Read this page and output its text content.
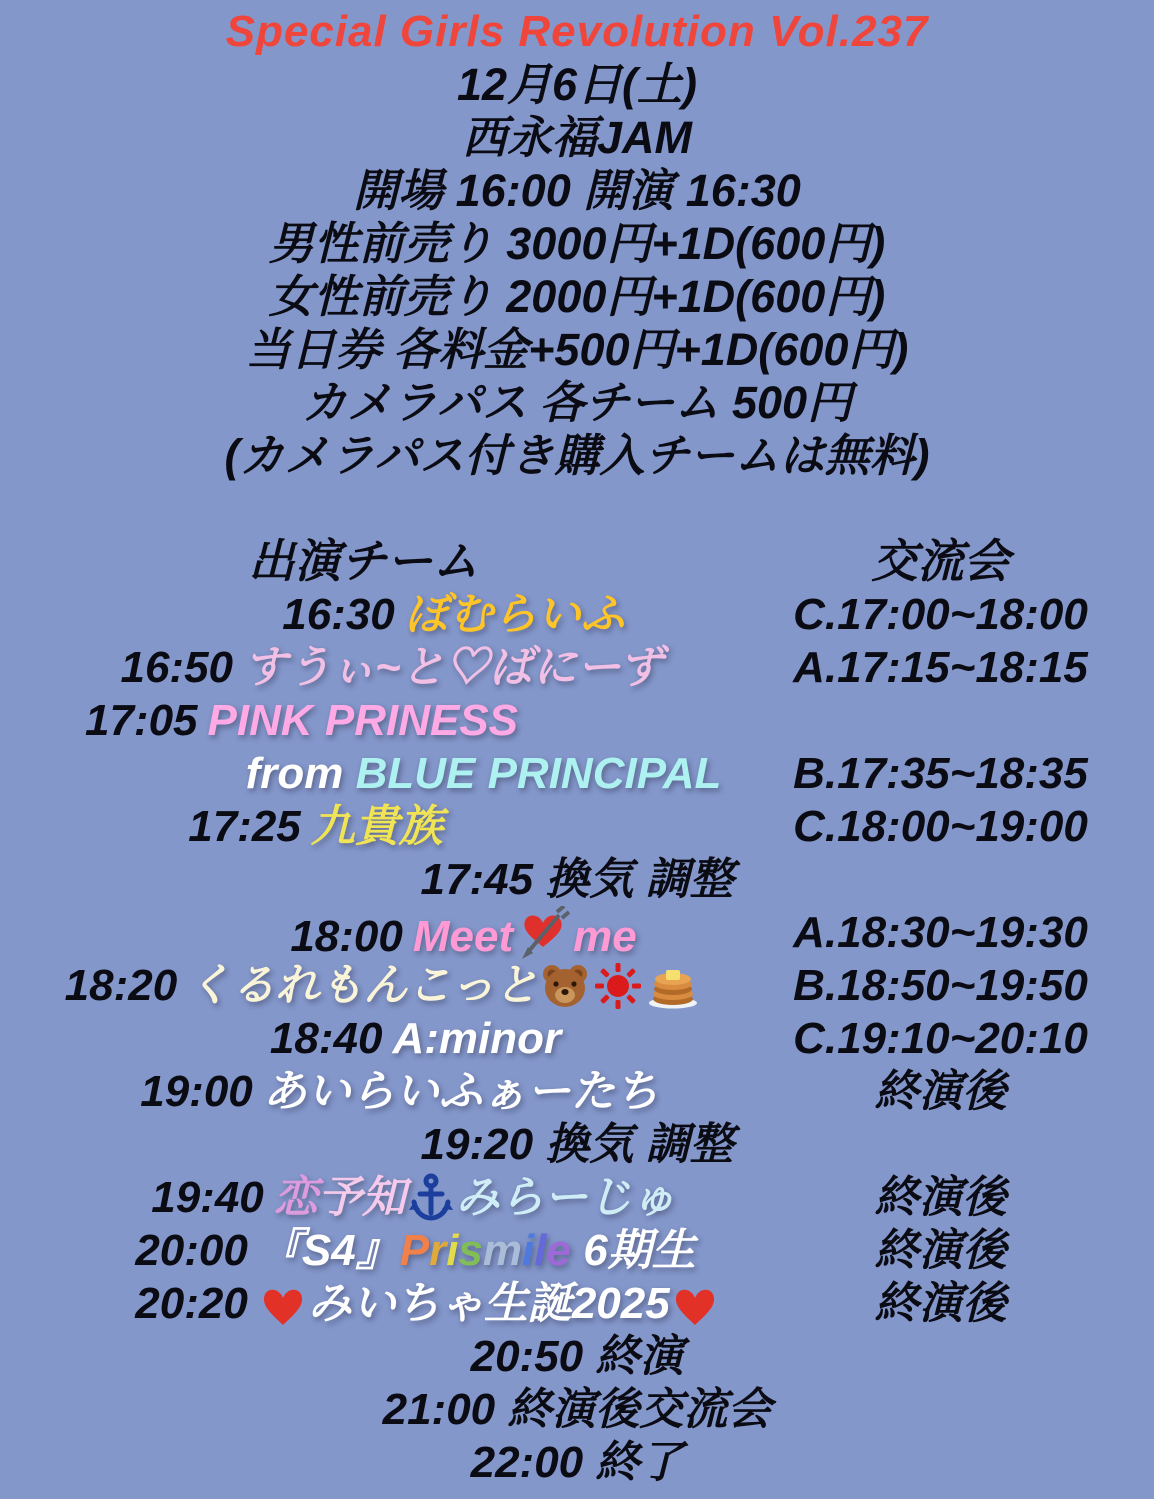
Special Girls Revolution Vol.237
12月6日(土)
西永福JAM
開場 16:00 開演 16:30
男性前売り 3000円+1D(600円)
女性前売り 2000円+1D(600円)
当日券 各料金+500円+1D(600円)
カメラパス 各チーム 500円
(カメラパス付き購入チームは無料)
出演チーム	交流会
16:30 ぼむらいふ	C.17:00~18:00
16:50 すうぃ~と♡ばにーず	A.17:15~18:15
17:05 PINK PRINESS
from BLUE PRINCIPAL	B.17:35~18:35
17:25 九貴族	C.18:00~19:00
17:45 換気 調整
18:00 Meet me	A.18:30~19:30
18:20 くるれもんこっと	B.18:50~19:50
18:40 A:minor	C.19:10~20:10
19:00 あいらいふぁーたち	終演後
19:20 換気 調整
19:40 恋予知 みらーじゅ	終演後
20:00 『S4』Prismile 6期生	終演後
20:20 みいちゃ生誕2025	終演後
20:50 終演
21:00 終演後交流会
22:00 終了
